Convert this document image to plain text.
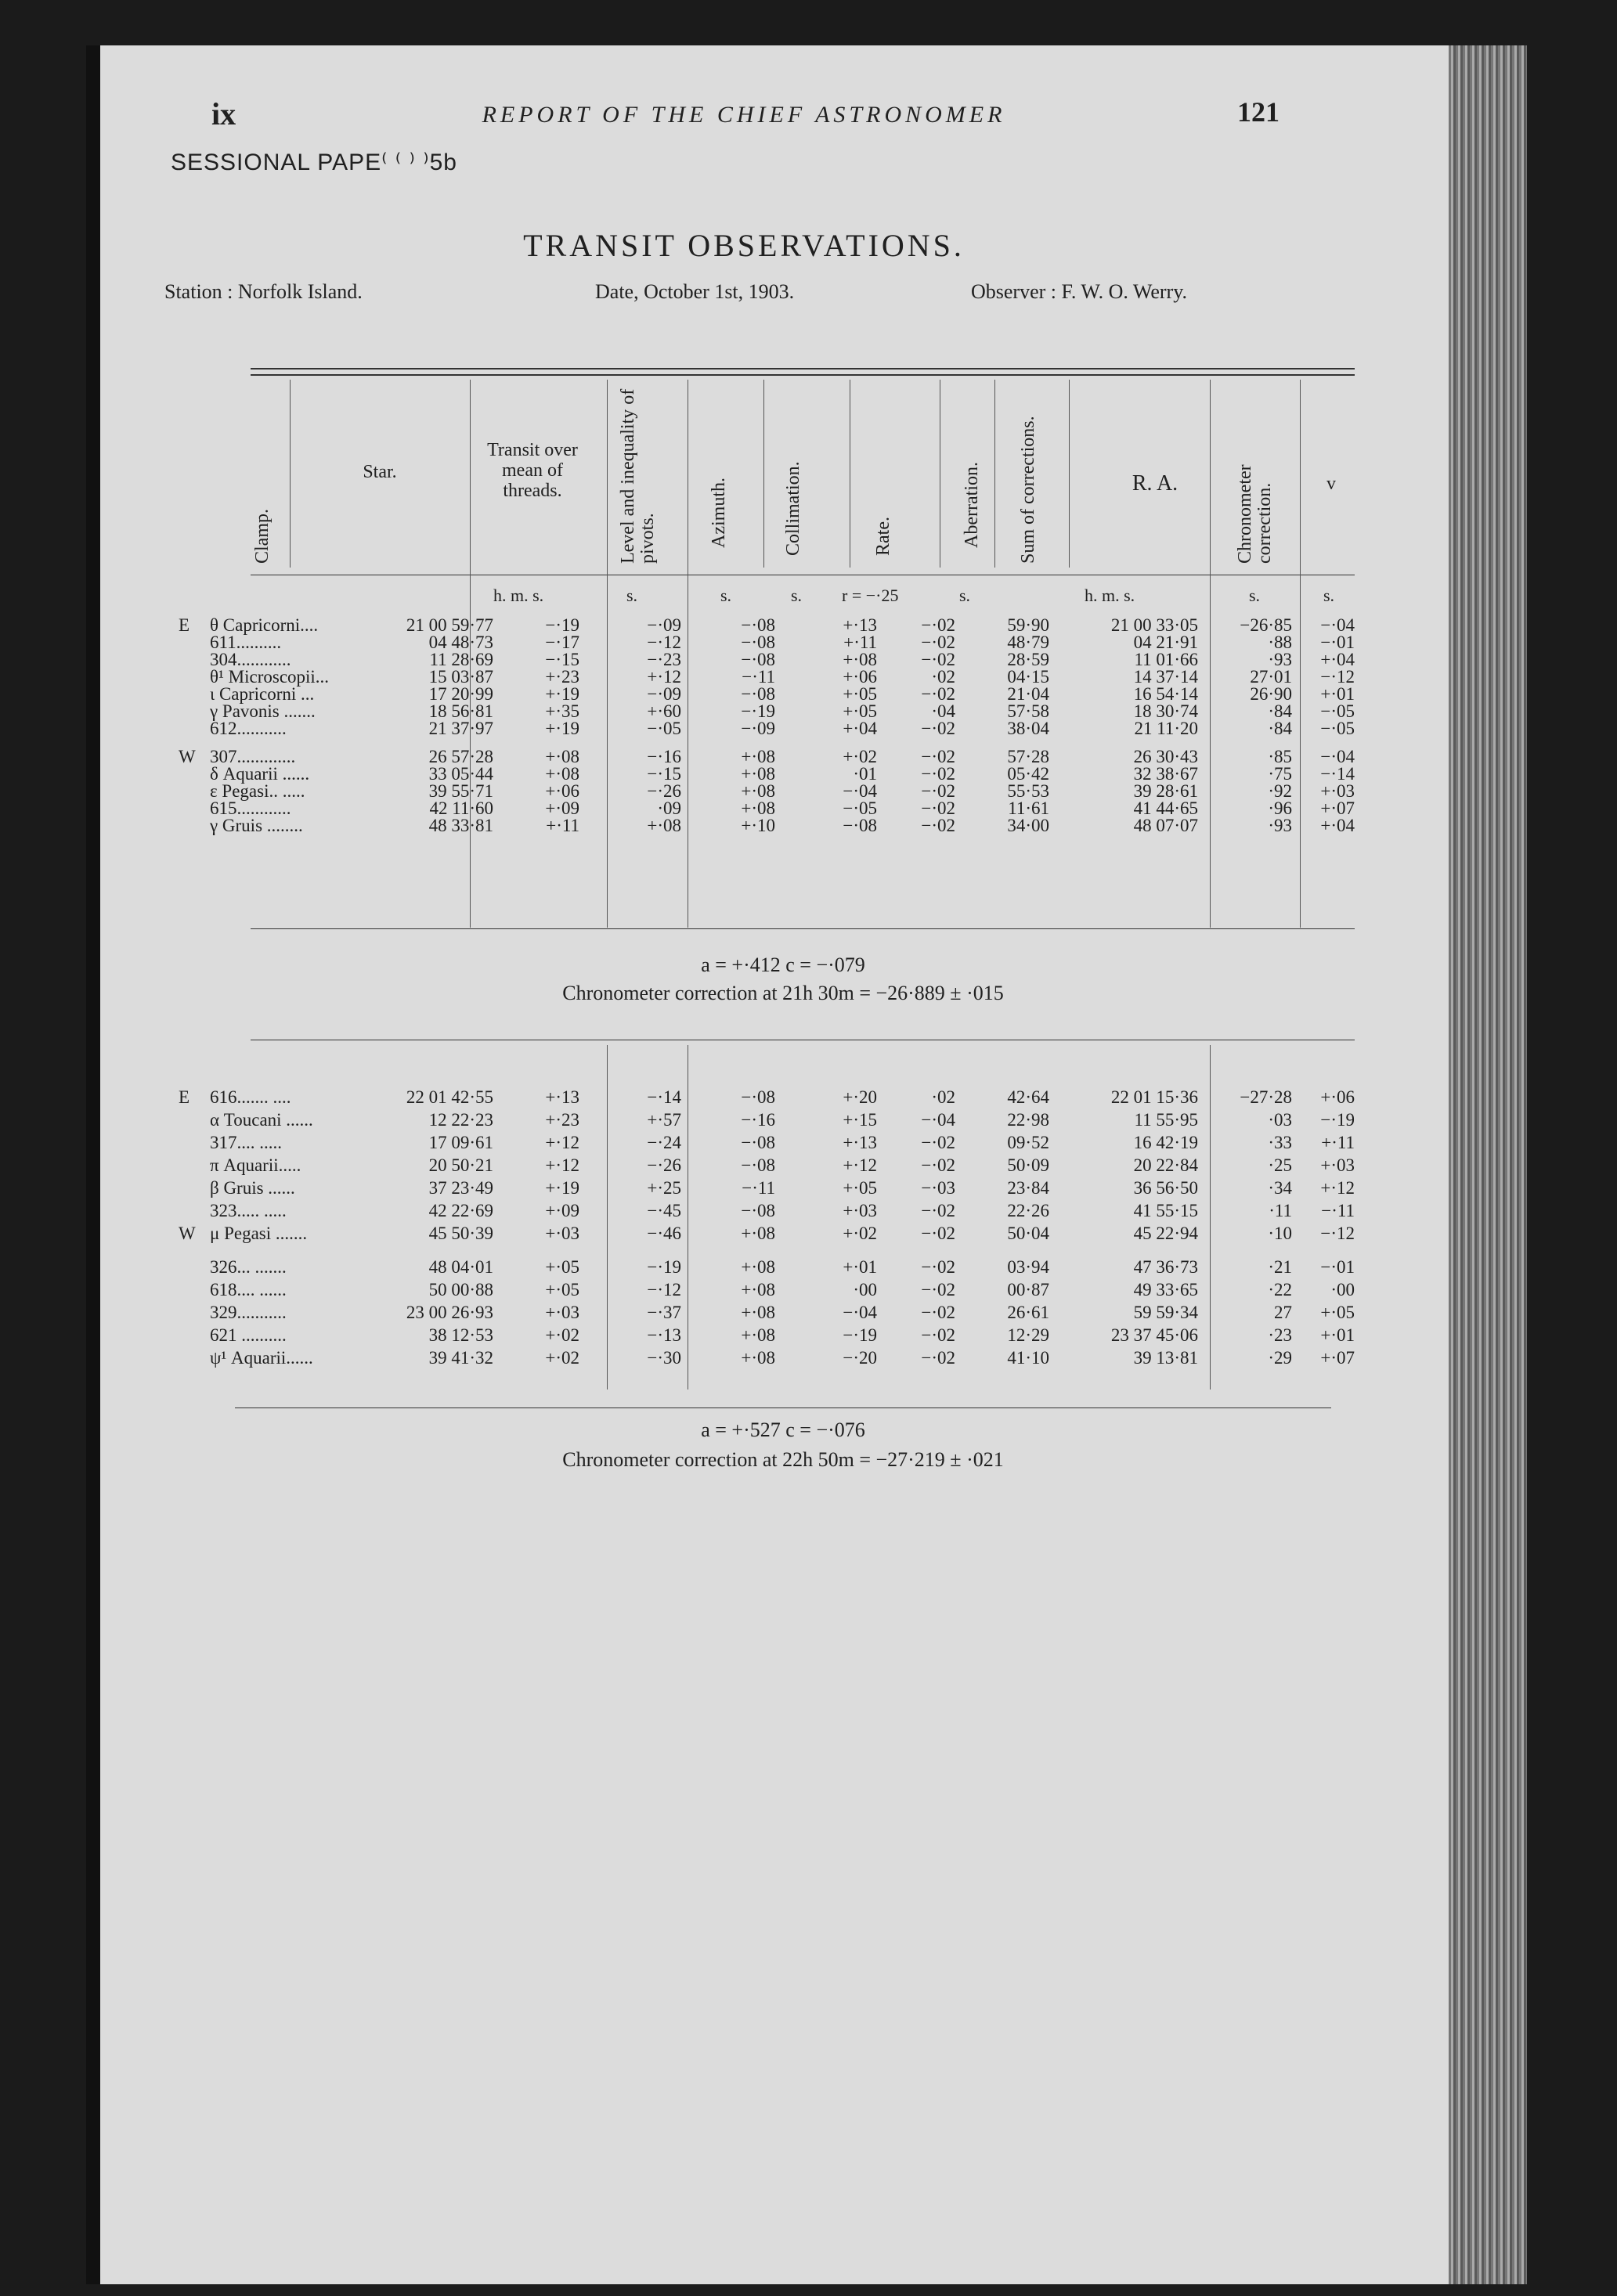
ix	REPORT OF THE CHIEF ASTRONOMER	121
SESSIONAL PAPE⁽ ⁽ ⁾ ⁾5b
TRANSIT OBSERVATIONS.
Station : Norfolk Island.	Date, October 1st, 1903.	Observer : F. W. O. Werry.
Clamp.
Star.
Transit over mean of threads.	Level and inequality of pivots.	Azimuth.	Collimation.	Rate.	Aberration. Sum of corrections.	R. A.	Chronometer correction.	v
h. m. s.	s.	s.	s. r = −·25	s.	h. m. s.	s.	s.
E θ Capricorni....	21 00 59·77	−·19	−·09	−·08	+·13	−·02	59·90	21 00 33·05	−26·85	−·04
611..........	04 48·73	−·17	−·12	−·08	+·11	−·02	48·79	04 21·91	·88	−·01
304............	11 28·69	−·15	−·23	−·08	+·08	−·02	28·59	11 01·66	·93	+·04
θ¹ Microscopii...	15 03·87	+·23	+·12	−·11	+·06	·02	04·15	14 37·14	27·01	−·12
ι Capricorni ...	17 20·99	+·19	−·09	−·08	+·05	−·02	21·04	16 54·14	26·90	+·01
γ Pavonis .......	18 56·81	+·35	+·60	−·19	+·05	·04	57·58	18 30·74	·84	−·05
612...........	21 37·97	+·19	−·05	−·09	+·04	−·02	38·04	21 11·20	·84	−·05
W 307.............	26 57·28	+·08	−·16	+·08	+·02	−·02	57·28	26 30·43	·85	−·04
δ Aquarii ......	33 05·44	+·08	−·15	+·08	·01	−·02	05·42	32 38·67	·75	−·14
ε Pegasi.. .....	39 55·71	+·06	−·26	+·08	−·04	−·02	55·53	39 28·61	·92	+·03
615............	42 11·60	+·09	·09	+·08	−·05	−·02	11·61	41 44·65	·96	+·07
γ Gruis ........	48 33·81	+·11	+·08	+·10	−·08	−·02	34·00	48 07·07	·93	+·04
a = +·412 c = −·079
Chronometer correction at 21h 30m = −26·889 ± ·015
E 616....... ....	22 01 42·55	+·13	−·14	−·08	+·20	·02	42·64	22 01 15·36	−27·28	+·06
α Toucani ......	12 22·23	+·23	+·57	−·16	+·15	−·04	22·98	11 55·95	·03	−·19
317.... .....	17 09·61	+·12	−·24	−·08	+·13	−·02	09·52	16 42·19	·33	+·11
π Aquarii.....	20 50·21	+·12	−·26	−·08	+·12	−·02	50·09	20 22·84	·25	+·03
β Gruis ......	37 23·49	+·19	+·25	−·11	+·05	−·03	23·84	36 56·50	·34	+·12
323..... .....	42 22·69	+·09	−·45	−·08	+·03	−·02	22·26	41 55·15	·11	−·11
W μ Pegasi .......	45 50·39	+·03	−·46	+·08	+·02	−·02	50·04	45 22·94	·10	−·12
326... .......	48 04·01	+·05	−·19	+·08	+·01	−·02	03·94	47 36·73	·21	−·01
618.... ......	50 00·88	+·05	−·12	+·08	·00	−·02	00·87	49 33·65	·22	·00
329...........	23 00 26·93	+·03	−·37	+·08	−·04	−·02	26·61	59 59·34	27	+·05
621 ..........	38 12·53	+·02	−·13	+·08	−·19	−·02	12·29	23 37 45·06	·23	+·01
ψ¹ Aquarii......	39 41·32	+·02	−·30	+·08	−·20	−·02	41·10	39 13·81	·29	+·07
a = +·527 c = −·076
Chronometer correction at 22h 50m = −27·219 ± ·021
